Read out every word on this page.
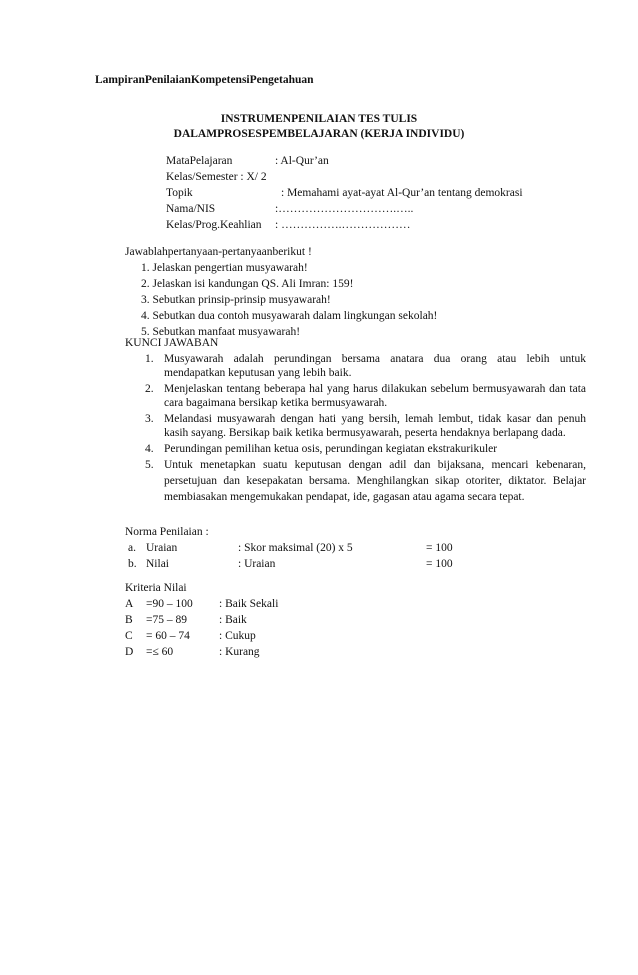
LampiranPenilaianKompetensiPengetahuan
INSTRUMENPENILAIAN TES TULIS
DALAMPROSESPEMBELAJARAN (KERJA INDIVIDU)
MataPelajaran	: Al-Qur’an
Kelas/Semester : X/ 2
Topik	: Memahami ayat-ayat Al-Qur’an tentang demokrasi
Nama/NIS	:………………………….…..
Kelas/Prog.Keahlian : …………….………………
Jawablahpertanyaan-pertanyaanberikut !
1. Jelaskan pengertian musyawarah!
2. Jelaskan isi kandungan QS. Ali Imran: 159!
3. Sebutkan prinsip-prinsip musyawarah!
4. Sebutkan dua contoh musyawarah dalam lingkungan sekolah!
5. Sebutkan manfaat musyawarah!
KUNCI JAWABAN
1. Musyawarah adalah perundingan bersama anatara dua orang atau lebih untuk
mendapatkan keputusan yang lebih baik.
2. Menjelaskan tentang beberapa hal yang harus dilakukan sebelum bermusyawarah dan tata
cara bagaimana bersikap ketika bermusyawarah.
3. Melandasi musyawarah dengan hati yang bersih, lemah lembut, tidak kasar dan penuh
kasih sayang. Bersikap baik ketika bermusyawarah, peserta hendaknya berlapang dada.
4. Perundingan pemilihan ketua osis, perundingan kegiatan ekstrakurikuler
5. Untuk menetapkan suatu keputusan dengan adil dan bijaksana, mencari kebenaran,
persetujuan dan kesepakatan bersama. Menghilangkan sikap otoriter, diktator. Belajar
membiasakan mengemukakan pendapat, ide, gagasan atau agama secara tepat.
Norma Penilaian :
a. Uraian	: Skor maksimal (20) x 5	= 100
b. Nilai	: Uraian	= 100
Kriteria Nilai
A =90 – 100 : Baik Sekali
B =75 – 89	: Baik
C = 60 – 74	: Cukup
D =≤ 60	: Kurang
